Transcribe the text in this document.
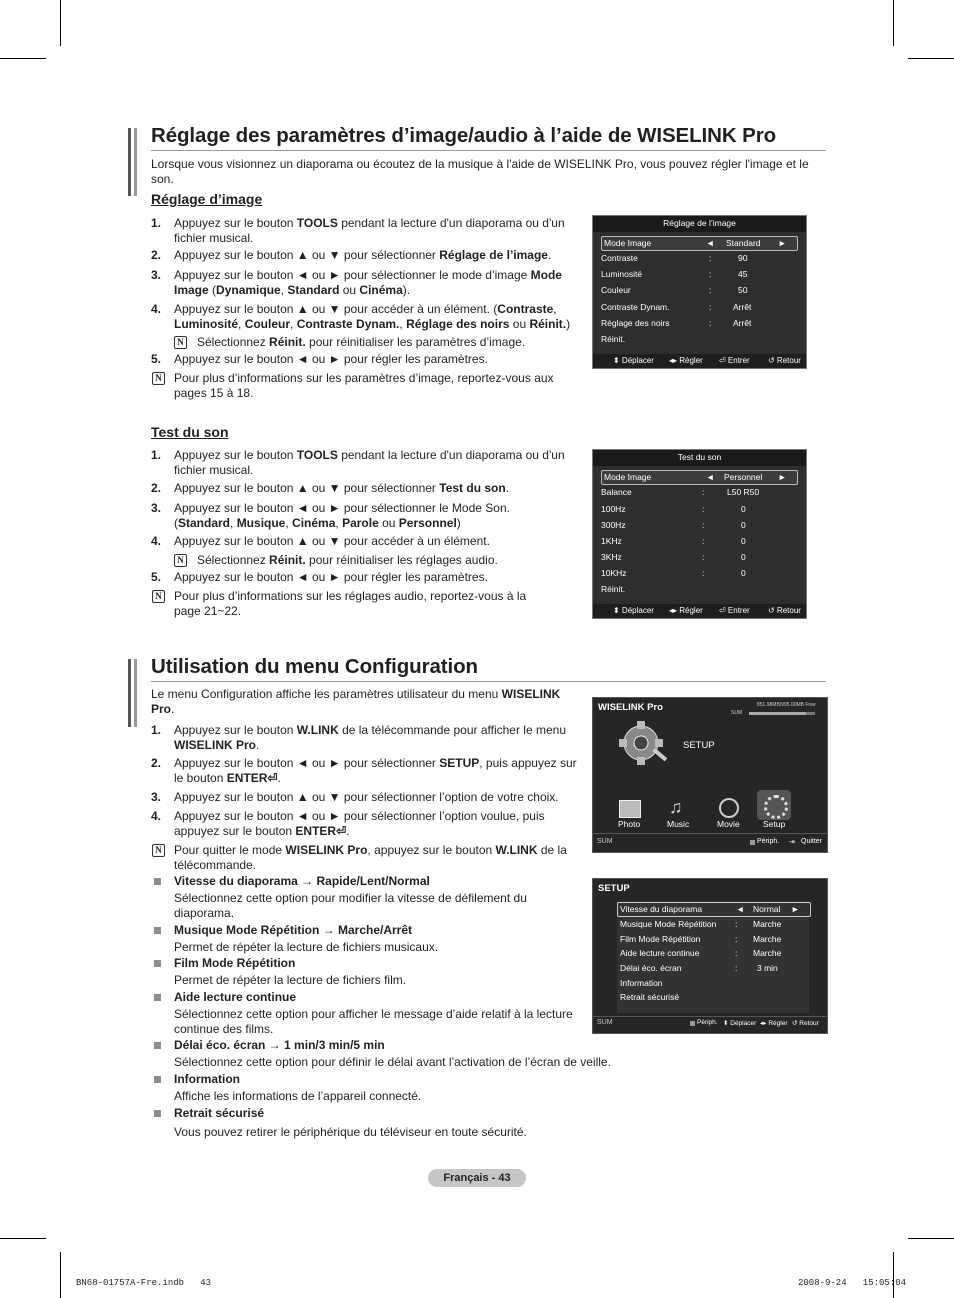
Réglage des paramètres d’image/audio à l’aide de WISELINK Pro

Lorsque vous visionnez un diaporama ou écoutez de la musique à l'aide de WISELINK Pro, vous pouvez régler l'image et le son.

Réglage d’image
1. Appuyez sur le bouton TOOLS pendant la lecture d'un diaporama ou d'un
fichier musical.

2. Appuyez sur le bouton ▲ ou ▼ pour sélectionner Réglage de l’image.

3. Appuyez sur le bouton ◄ ou ► pour sélectionner le mode d’image Mode
Image (Dynamique, Standard ou Cinéma).

4. Appuyez sur le bouton ▲ ou ▼ pour accéder à un élément. (Contraste,
Luminosité, Couleur, Contraste Dynam., Réglage des noirs ou Réinit.)

N Sélectionnez Réinit. pour réinitialiser les paramètres d’image.

5. Appuyez sur le bouton ◄ ou ► pour régler les paramètres.

N Pour plus d’informations sur les paramètres d’image, reportez-vous aux
pages 15 à 18.

Réglage de l’image
Mode Image	◄ Standard ►
Contraste	:	90
Luminosité	:	45
Couleur	:	50
Contraste Dynam.	:	Arrêt
Réglage des noirs	:	Arrêt
Réinit.
⬍ Déplacer ◂▸ Régler ⏎ Entrer ↺ Retour
Test du son
1. Appuyez sur le bouton TOOLS pendant la lecture d'un diaporama ou d'un
fichier musical.

2. Appuyez sur le bouton ▲ ou ▼ pour sélectionner Test du son.

3. Appuyez sur le bouton ◄ ou ► pour sélectionner le Mode Son.
(Standard, Musique, Cinéma, Parole ou Personnel)

4. Appuyez sur le bouton ▲ ou ▼ pour accéder à un élément.

N Sélectionnez Réinit. pour réinitialiser les réglages audio.

5. Appuyez sur le bouton ◄ ou ► pour régler les paramètres.

N Pour plus d’informations sur les réglages audio, reportez-vous à la
page 21~22.

Test du son
Mode Image	◄ Personnel ►
Balance	:	L50 R50
100Hz	:	0
300Hz	:	0
1KHz	:	0
3KHz	:	0
10KHz	:	0
Réinit.
⬍ Déplacer ◂▸ Régler ⏎ Entrer ↺ Retour
Utilisation du menu Configuration

Le menu Configuration affiche les paramètres utilisateur du menu WISELINK
Pro.

1. Appuyez sur le bouton W.LINK de la télécommande pour afficher le menu
WISELINK Pro.

2. Appuyez sur le bouton ◄ ou ► pour sélectionner SETUP, puis appuyez sur
le bouton ENTER⏎.

3. Appuyez sur le bouton ▲ ou ▼ pour sélectionner l’option de votre choix.

4. Appuyez sur le bouton ◄ ou ► pour sélectionner l’option voulue, puis
appuyez sur le bouton ENTER⏎.

N Pour quitter le mode WISELINK Pro, appuyez sur le bouton W.LINK de la
télécommande.

Vitesse du diaporama → Rapide/Lent/Normal
Sélectionnez cette option pour modifier la vitesse de défilement du
diaporama.

Musique Mode Répétition → Marche/Arrêt
Permet de répéter la lecture de fichiers musicaux.

Film Mode Répétition
Permet de répéter la lecture de fichiers film.

Aide lecture continue
Sélectionnez cette option pour afficher le message d’aide relatif à la lecture
continue des films.

Délai éco. écran → 1 min/3 min/5 min
Sélectionnez cette option pour définir le délai avant l’activation de l’écran de veille.

Information
Affiche les informations de l’appareil connecté.

Retrait sécurisé
Vous pouvez retirer le périphérique du téléviseur en toute sécurité.

WISELINK Pro	851.98MB/995.00MB Free
SUM
SETUP
♫
Photo	Music	Movie	Setup
SUM	Périph. ⇥ Quitter
SETUP
Vitesse du diaporama	◄ Normal ►
Musique Mode Répétition : Marche
Film Mode Répétition	: Marche
Aide lecture continue	: Marche
Délai éco. écran	: 3 min
Information
Retrait sécurisé
SUM	Périph. ⬍ Déplacer ◂▸ Régler ↺ Retour
Français - 43
BN68-01757A-Fre.indb   43	2008-9-24   15:05:04
